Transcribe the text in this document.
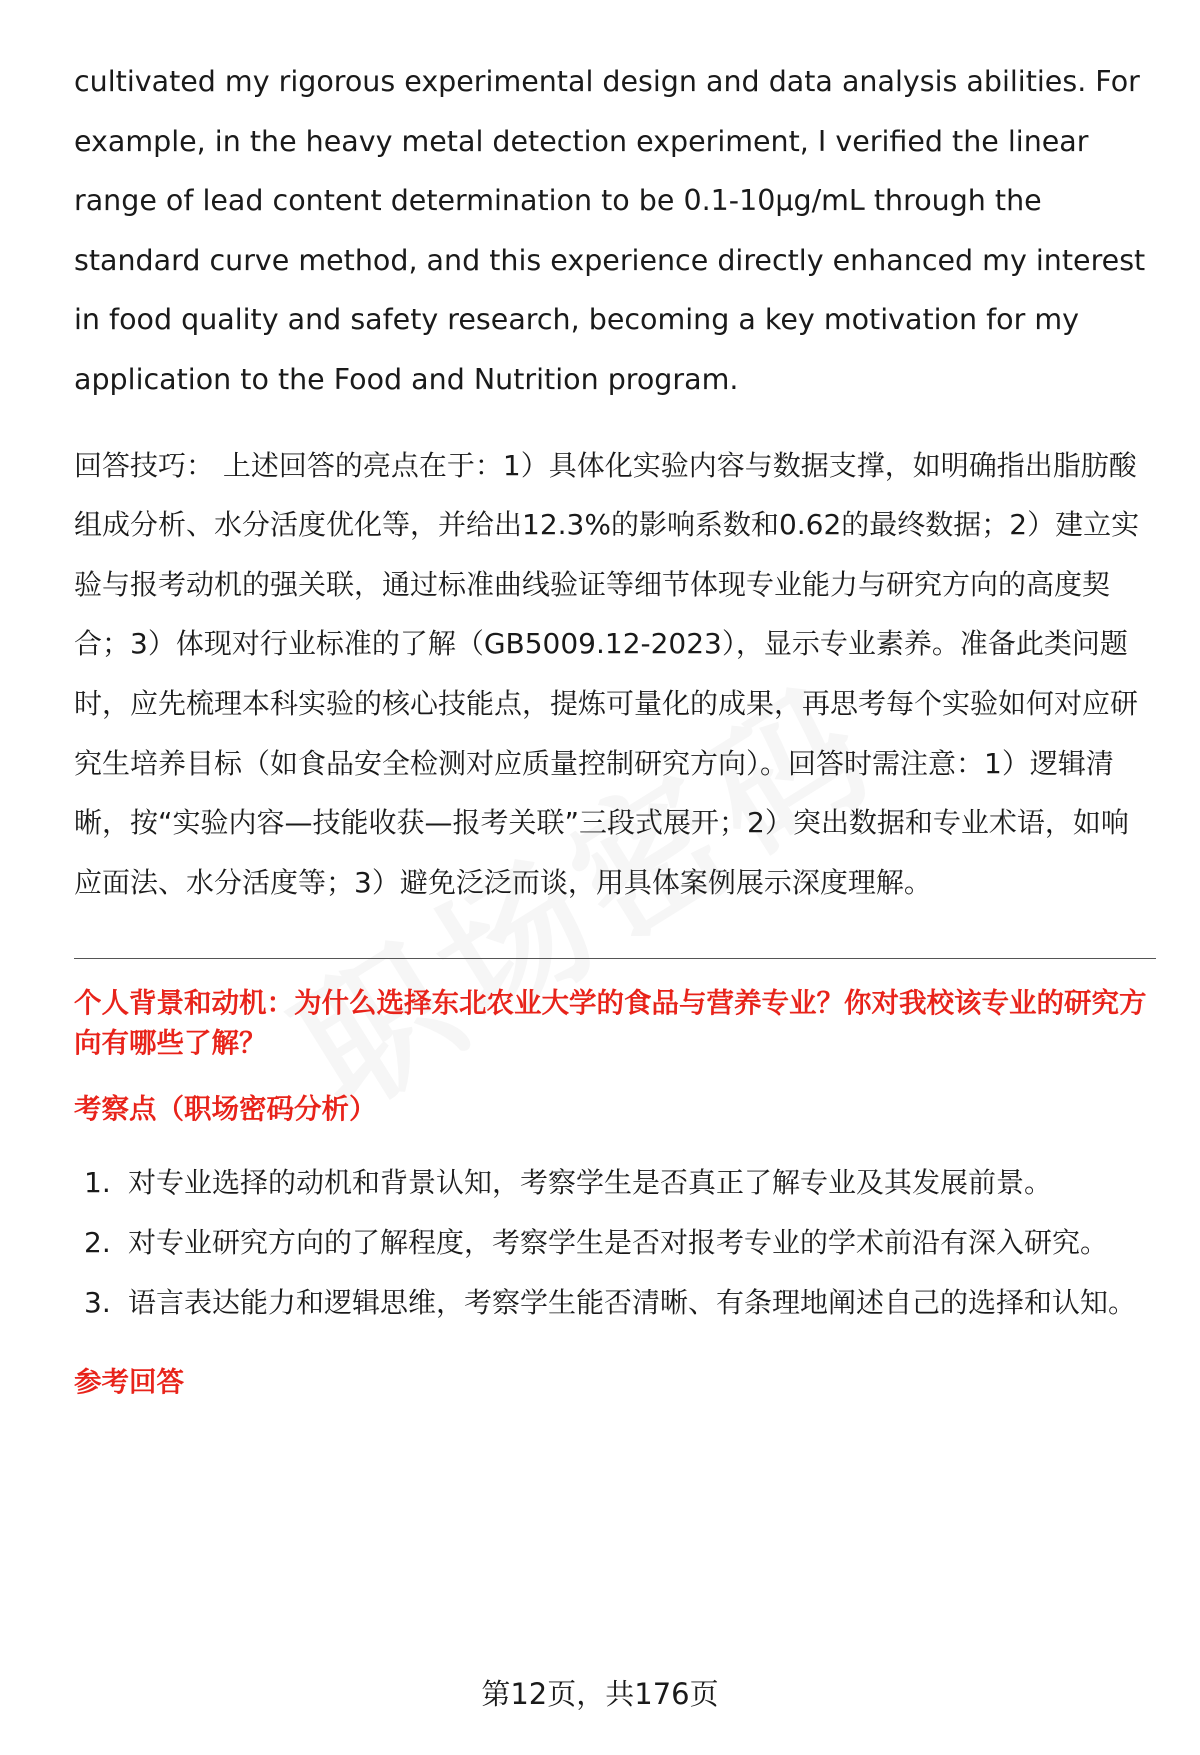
cultivated my rigorous experimental design and data analysis abilities. For example, in the heavy metal detection experiment, I verified the linear range of lead content determination to be 0.1-10μg/mL through the standard curve method, and this experience directly enhanced my interest in food quality and safety research, becoming a key motivation for my application to the Food and Nutrition program.

回答技巧： 上述回答的亮点在于：1）具体化实验内容与数据支撑，如明确指出脂肪酸组成分析、水分活度优化等，并给出12.3%的影响系数和0.62的最终数据；2）建立实验与报考动机的强关联，通过标准曲线验证等细节体现专业能力与研究方向的高度契合；3）体现对行业标准的了解（GB5009.12-2023），显示专业素养。准备此类问题时，应先梳理本科实验的核心技能点，提炼可量化的成果，再思考每个实验如何对应研究生培养目标（如食品安全检测对应质量控制研究方向）。回答时需注意：1）逻辑清晰，按“实验内容—技能收获—报考关联”三段式展开；2）突出数据和专业术语，如响应面法、水分活度等；3）避免泛泛而谈，用具体案例展示深度理解。

个人背景和动机：为什么选择东北农业大学的食品与营养专业？你对我校该专业的研究方向有哪些了解？
考察点（职场密码分析）
1. 对专业选择的动机和背景认知，考察学生是否真正了解专业及其发展前景。
2. 对专业研究方向的了解程度，考察学生是否对报考专业的学术前沿有深入研究。
3. 语言表达能力和逻辑思维，考察学生能否清晰、有条理地阐述自己的选择和认知。
参考回答
第12页，共176页
